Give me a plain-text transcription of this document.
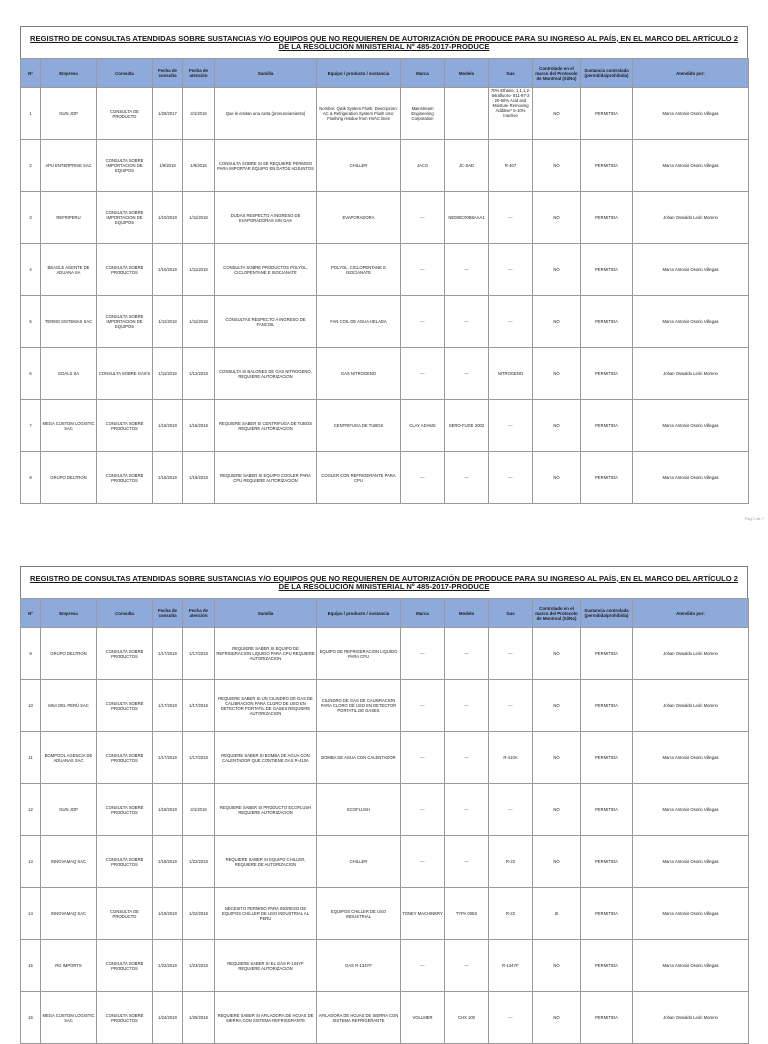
REGISTRO DE CONSULTAS ATENDIDAS SOBRE SUSTANCIAS Y/O EQUIPOS QUE NO REQUIEREN DE AUTORIZACIÓN DE PRODUCE PARA SU INGRESO AL PAÍS, EN EL MARCO DEL ARTÍCULO 2 DE LA RESOLUCIÓN MINISTERIAL Nº 485-2017-PRODUCE
Nº	Empresa	Consulta	Fecha de consulta	Fecha de atención	Sumilla	Equipo / producto / sustancia	Marca	Modelo	Gas	Controlado en el marco del Protocolo de Montreal (Si/No)	Sustancia controlada (permitida/prohibida)	Atendido por:
1	GUN JOP	CONSULTA DE PRODUCTO	1/29/2017	2/1/2018	Que le emitan una carta (pronunciamiento)	Nombre: Qwik System Flush; Descripcion: AC & Refrigeration System Flush Uso: Flushing residue from HVAC lines	Mainstream Engineering Corporation		70% Ethane, 1,1,1,2-tetrafluoro- 811-97-2 20-50% Acid and Moisture Removing Additive* 5-10% Inactive	NO	PERMITIDA	Marco Antonio Osorio Villegas
2	APU ENTERPRISE SAC	CONSULTA SOBRE IMPORTACION DE EQUIPOS	1/9/2018	1/9/2018	CONSULTA SOBRE SI SE REQUIERE PERMISO PARA IMPORTAR EQUIPO EN DATOS ADJUNTOS	CHILLER	JACG	JC-SAD	R-407	NO	PERMITIDA	Marco Antonio Osorio Villegas
3	REFRIPERU	CONSULTA SOBRE IMPORTACION DE EQUIPOS	1/10/2018	1/11/2018	DUDAS RESPECTO A INGRESO DE EVAPORADORAS SIN GAS	EVAPORADORA	---	NE090C00B6AAA1	---	NO	PERMITIDA	Johan Oswaldo León Moreno
4	BEAGLE AGENTE DE ADUANA SA	CONSULTA SOBRE PRODUCTOS	1/10/2018	1/11/2018	CONSULTA SOBRE PRODUCTOS POLYOL, CICLOPENTANE E ISOCIANATE	POLYOL, CICLOPENTANE E ISOCIANATE	---	---	---	NO	PERMITIDA	Marco Antonio Osorio Villegas
5	TERMO SISTEMAS SAC	CONSULTA SOBRE IMPORTACION DE EQUIPOS	1/11/2018	1/11/2018	CONSULTAS RESPECTO A INGRESO DE FANCOIL	FAN COIL DE AGUA HELADA	---	---	---	NO	PERMITIDA	Marco Antonio Osorio Villegas
6	GOALS SA	CONSULTA SOBRE GAS'S	1/11/2018	1/12/2018	CONSULTA SI BALONES DE GAS NITROGENO, REQUIERE AUTORIZACION	GAS NITROGENO	---	---	NITROGENO	NO	PERMITIDA	Johan Oswaldo León Moreno
7	MEGA CUSTOM LOGISTIC SAC	CONSULTA SOBRE PRODUCTOS	1/16/2018	1/16/2018	REQUIERE SABER SI CENTRIFUGA DE TUBOS REQUIERE AUTORIZACION	CENTRIFUGA DE TUBOS	CLAY ADAMS	SERO-FUGE 2002	---	NO	PERMITIDA	Marco Antonio Osorio Villegas
8	GRUPO DELTRON	CONSULTA SOBRE PRODUCTOS	1/16/2018	1/16/2018	REQUIERE SABER SI EQUIPO COOLER PARA CPU REQUIERE AUTORIZACION	COOLER CON REFRIGERANTE PARA CPU	---	---	---	NO	PERMITIDA	Marco Antonio Osorio Villegas
Pág 1 de 7
REGISTRO DE CONSULTAS ATENDIDAS SOBRE SUSTANCIAS Y/O EQUIPOS QUE NO REQUIEREN DE AUTORIZACIÓN DE PRODUCE PARA SU INGRESO AL PAÍS, EN EL MARCO DEL ARTÍCULO 2 DE LA RESOLUCIÓN MINISTERIAL Nº 485-2017-PRODUCE
Nº	Empresa	Consulta	Fecha de consulta	Fecha de atención	Sumilla	Equipo / producto / sustancia	Marca	Modelo	Gas	Controlado en el marco del Protocolo de Montreal (Si/No)	Sustancia controlada (permitida/prohibida)	Atendido por:
9	GRUPO DELTRON	CONSULTA SOBRE PRODUCTOS	1/17/2018	1/17/2018	REQUIERE SABER SI EQUIPO DE REFRIGERACION LIQUIDO PARA CPU REQUIERE AUTORIZACION	EQUIPO DE REFRIGERACION LIQUIDO PARA CPU	---	---	---	NO	PERMITIDA	Johan Oswaldo León Moreno
10	MSA DEL PERÚ SAC	CONSULTA SOBRE PRODUCTOS	1/17/2018	1/17/2018	REQUIERE SABER SI UN CILINDRO DE GAS DE CALIBRACION PARA CLORO DE USO EN DETECTOR PORTATIL DE GASES REQUIERE AUTORIZACION	CILINDRO DE GAS DE CALIBRACION PARA CLORO DE USO EN DETECTOR PORTATIL DE GASES	---	---	---	NO	PERMITIDA	Johan Oswaldo León Moreno
11	BOMPOOL AGENCIA DE ADUANAS SAC	CONSULTA SOBRE PRODUCTOS	1/17/2018	1/17/2018	REQUIERE SABER SI BOMBA DE AGUA CON CALENTADOR QUE CONTIENE GAS R-410A	BOMBA DE AGUA CON CALENTADOR	---	---	R-410A	NO	PERMITIDA	Marco Antonio Osorio Villegas
12	GUN JOP	CONSULTA SOBRE PRODUCTOS	1/18/2018	2/1/2018	REQUIERE SABER SI PRODUCTO ECOFLUSH REQUIERE AUTORIZACION	ECOFLUSH	---	---	---	NO	PERMITIDA	Marco Antonio Osorio Villegas
13	INNOVAMAQ SAC	CONSULTA SOBRE PRODUCTOS	1/19/2018	1/22/2018	REQUIERE SABER SI EQUIPO CHILLER, REQUIERE DE AUTORIZACION	CHILLER	---	---	R-22	NO	PERMITIDA	Marco Antonio Osorio Villegas
14	INNOVAMAQ SAC	CONSULTA DE PRODUCTO	1/19/2018	1/22/2018	NECESITO PERMISO PARA INGRESO DE EQUIPOS CHILLER DE USO INDUSTRIAL AL PERU	EQUIPOS CHILLER DE USO INDUSTRIAL	TONEY MACHINERY	TYPA 005S	R-22	SI	PERMITIDA	Marco Antonio Osorio Villegas
15	RG IMPORTS	CONSULTA SOBRE PRODUCTOS	1/22/2018	1/23/2018	REQUIERE SABER SI EL GAS R-134YF REQUIERE AUTORIZACION	GAS R-134YF	---	---	R-134YF	NO	PERMITIDA	Marco Antonio Osorio Villegas
16	MEGA CUSTOM LOGISTIC SAC	CONSULTA SOBRE PRODUCTOS	1/24/2018	1/25/2018	REQUIERE SABER SI AFILADORA DE HOJAS DE SIERRA CON SISTEMA REFRIGERANTE	AFILADORA DE HOJAS DE SIERRA CON SISTEMA REFRIGERANTE	VOLLMER	CHX 100	---	NO	PERMITIDA	Johan Oswaldo León Moreno
